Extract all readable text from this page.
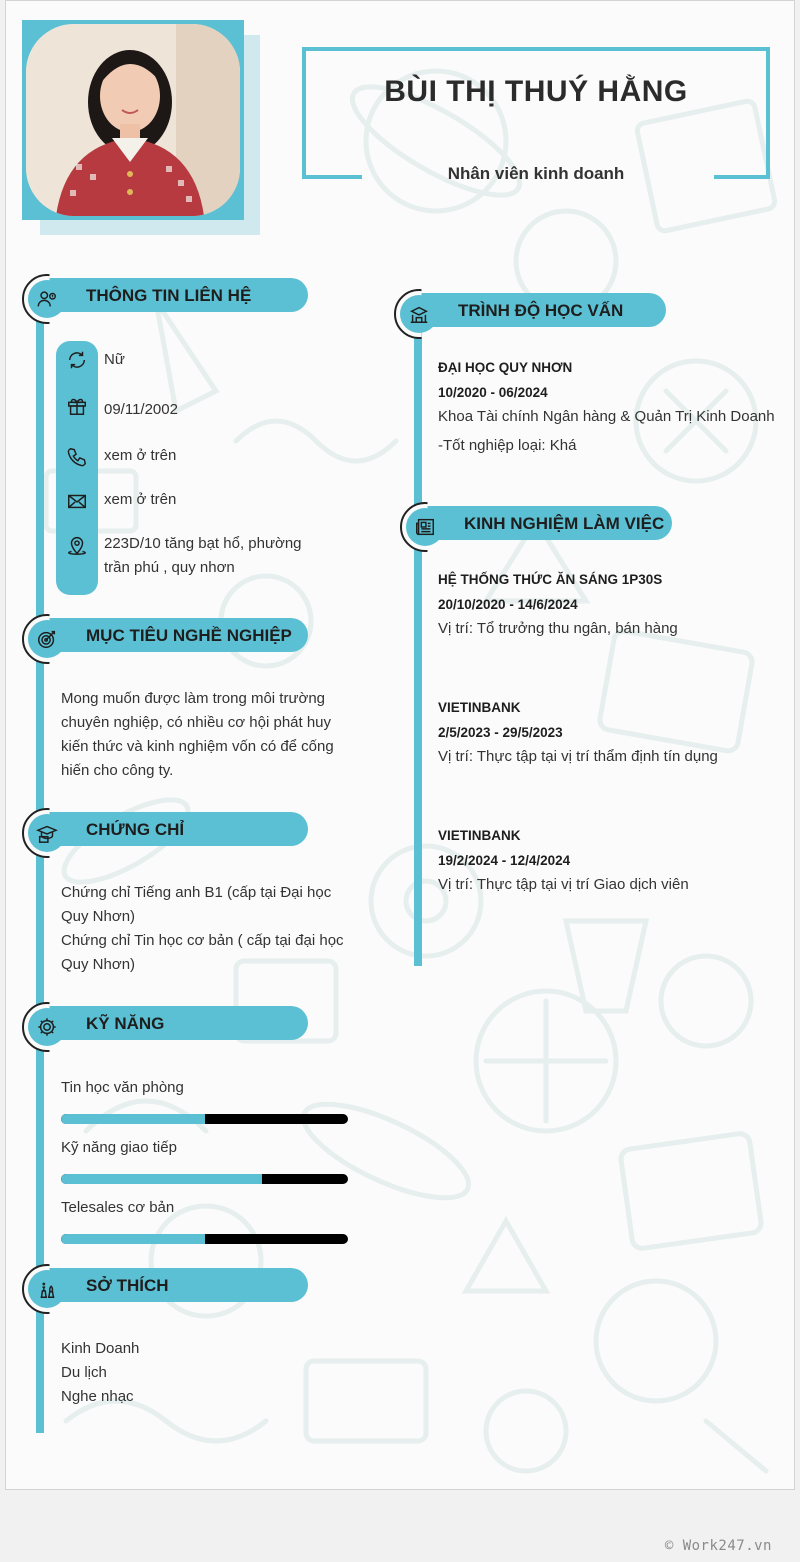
BÙI THỊ THUÝ HẰNG
Nhân viên kinh doanh
THÔNG TIN LIÊN HỆ
Nữ
09/11/2002
xem ở trên
xem ở trên
223D/10 tăng bạt hổ, phường
trần phú , quy nhơn
MỤC TIÊU NGHỀ NGHIỆP
Mong muốn được làm trong môi trường
chuyên nghiệp, có nhiều cơ hội phát huy
kiến thức và kinh nghiệm vốn có để cống
hiến cho công ty.
CHỨNG CHỈ
Chứng chỉ Tiếng anh B1 (cấp tại Đại học
Quy Nhơn)
Chứng chỉ Tin học cơ bản ( cấp tại đại học
Quy Nhơn)
KỸ NĂNG
Tin học văn phòng
Kỹ năng giao tiếp
Telesales cơ bản
SỞ THÍCH
Kinh Doanh
Du lịch
Nghe nhạc
TRÌNH ĐỘ HỌC VẤN
ĐẠI HỌC QUY NHƠN
10/2020 - 06/2024
Khoa Tài chính Ngân hàng & Quản Trị Kinh Doanh
-Tốt nghiệp loại: Khá
KINH NGHIỆM LÀM VIỆC
HỆ THỐNG THỨC ĂN SÁNG 1P30S
20/10/2020 - 14/6/2024
Vị trí: Tổ trưởng thu ngân, bán hàng
VIETINBANK
2/5/2023 - 29/5/2023
Vị trí: Thực tập tại vị trí thẩm định tín dụng
VIETINBANK
19/2/2024 - 12/4/2024
Vị trí: Thực tập tại vị trí Giao dịch viên
© Work247.vn
